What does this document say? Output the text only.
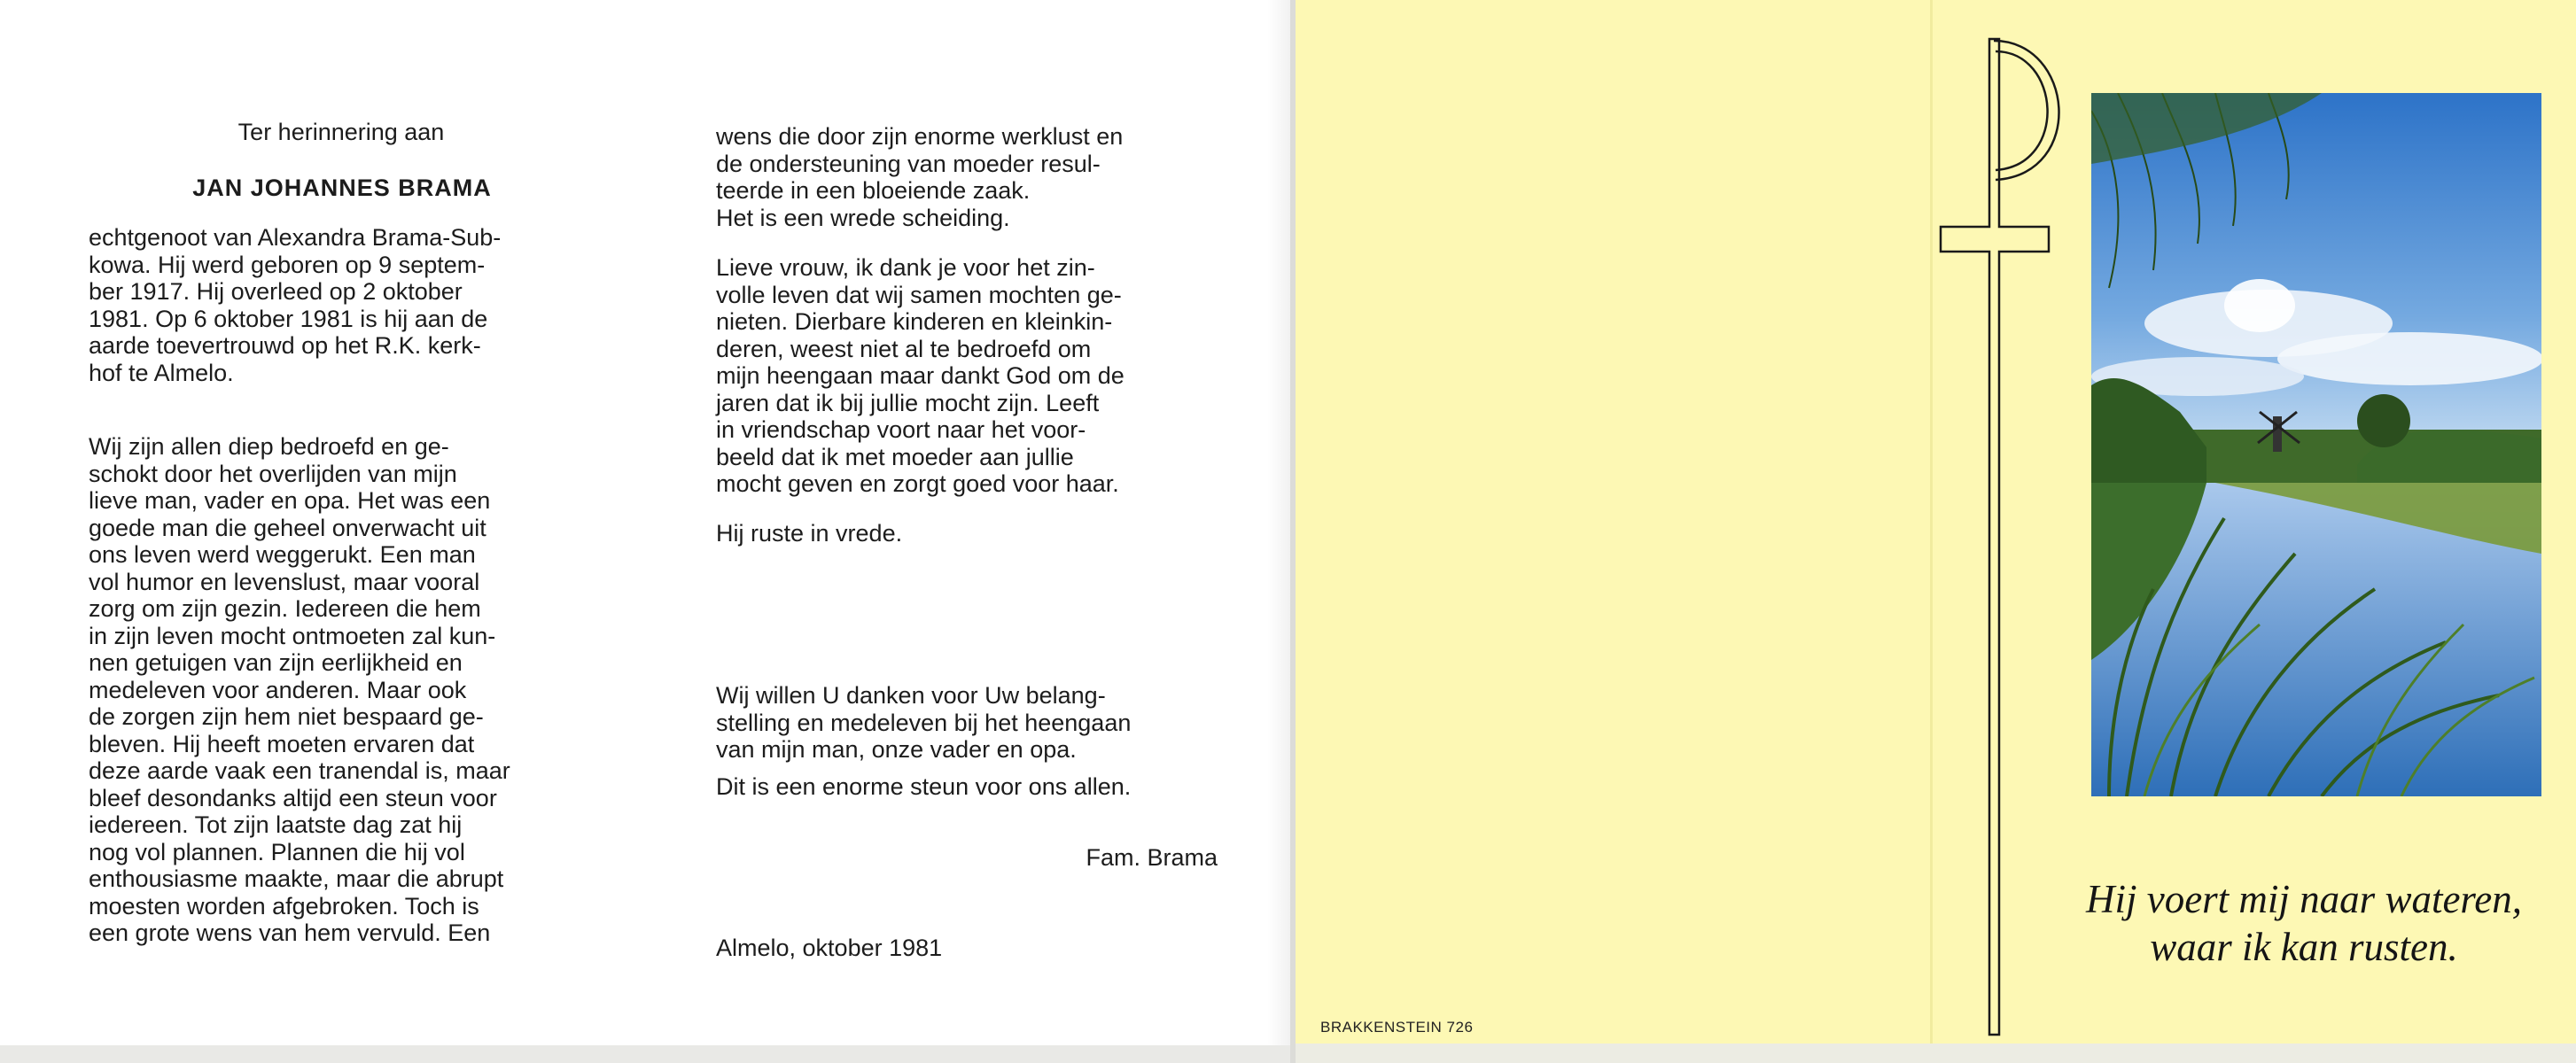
Ter herinnering aan
JAN JOHANNES BRAMA

echtgenoot van Alexandra Brama-Sub-

kowa. Hij werd geboren op 9 septem-

ber 1917. Hij overleed op 2 oktober

1981. Op 6 oktober 1981 is hij aan de

aarde toevertrouwd op het R.K. kerk-

hof te Almelo.

Wij zijn allen diep bedroefd en ge-

schokt door het overlijden van mijn

lieve man, vader en opa. Het was een

goede man die geheel onverwacht uit

ons leven werd weggerukt. Een man

vol humor en levenslust, maar vooral

zorg om zijn gezin. Iedereen die hem

in zijn leven mocht ontmoeten zal kun-

nen getuigen van zijn eerlijkheid en

medeleven voor anderen. Maar ook

de zorgen zijn hem niet bespaard ge-

bleven. Hij heeft moeten ervaren dat

deze aarde vaak een tranendal is, maar

bleef desondanks altijd een steun voor

iedereen. Tot zijn laatste dag zat hij

nog vol plannen. Plannen die hij vol

enthousiasme maakte, maar die abrupt

moesten worden afgebroken. Toch is

een grote wens van hem vervuld. Een

wens die door zijn enorme werklust en

de ondersteuning van moeder resul-

teerde in een bloeiende zaak.

Het is een wrede scheiding.

Lieve vrouw, ik dank je voor het zin-

volle leven dat wij samen mochten ge-

nieten. Dierbare kinderen en kleinkin-

deren, weest niet al te bedroefd om

mijn heengaan maar dankt God om de

jaren dat ik bij jullie mocht zijn. Leeft

in vriendschap voort naar het voor-

beeld dat ik met moeder aan jullie

mocht geven en zorgt goed voor haar.

Hij ruste in vrede.

Wij willen U danken voor Uw belang-

stelling en medeleven bij het heengaan

van mijn man, onze vader en opa.

Dit is een enorme steun voor ons allen.
Fam. Brama
Almelo, oktober 1981
BRAKKENSTEIN 726
Hij voert mij naar wateren,
waar ik kan rusten.
